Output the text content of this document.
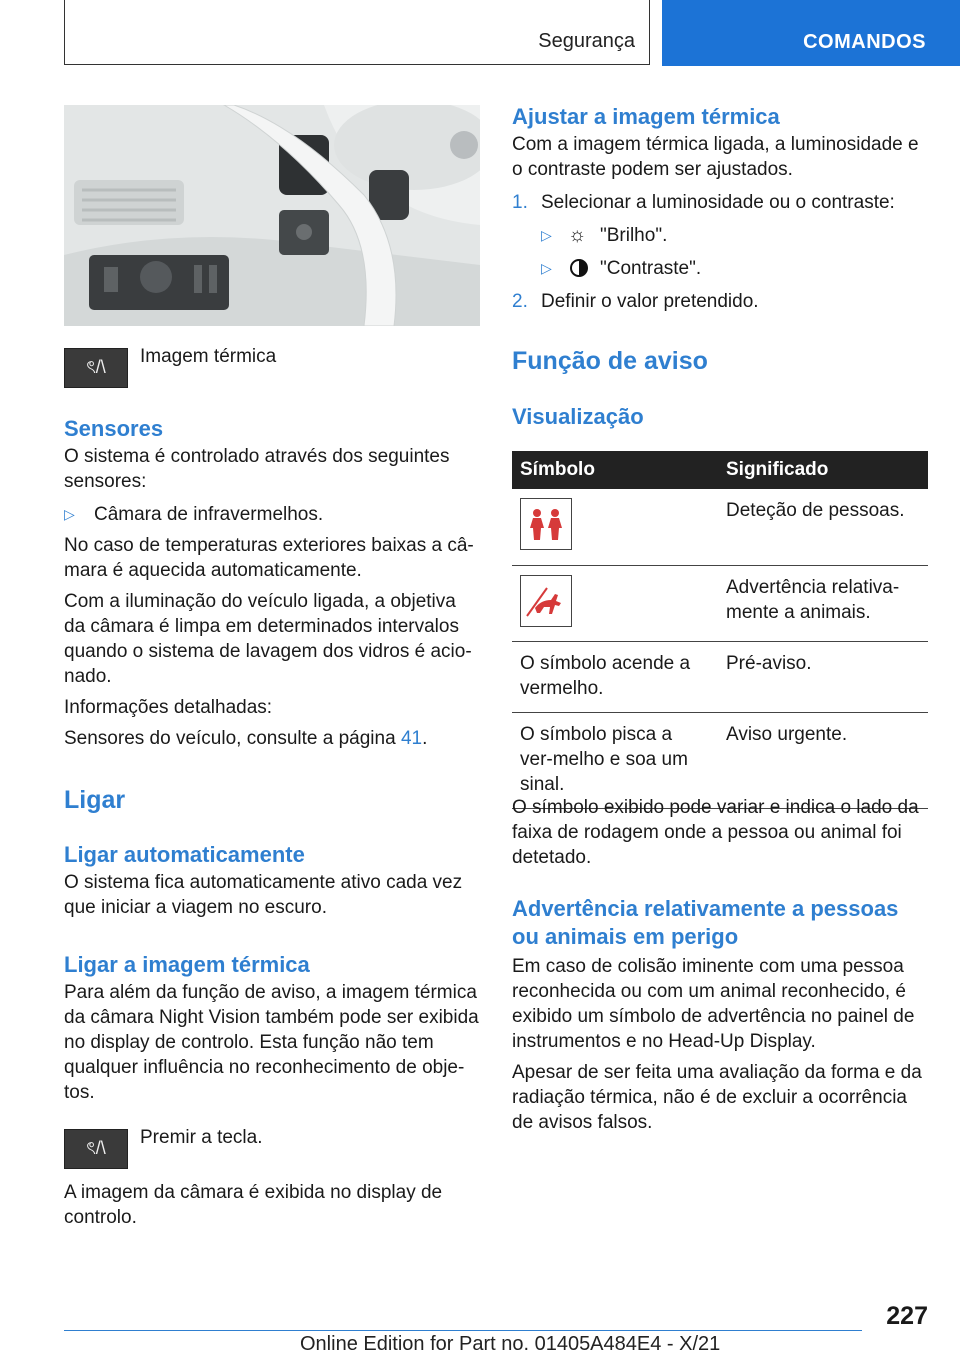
Segurança	COMANDOS
ৎ/\ Imagem térmica

Sensores

O sistema é controlado através dos seguintes sensores:

▷ Câmara de infravermelhos.

No caso de temperaturas exteriores baixas a câ-mara é aquecida automaticamente.

Com a iluminação do veículo ligada, a objetiva da câmara é limpa em determinados intervalos quando o sistema de lavagem dos vidros é acio-nado.

Informações detalhadas:

Sensores do veículo, consulte a página 41.

Ligar

Ligar automaticamente

O sistema fica automaticamente ativo cada vez que iniciar a viagem no escuro.

Ligar a imagem térmica

Para além da função de aviso, a imagem térmica da câmara Night Vision também pode ser exibida no display de controlo. Esta função não tem qualquer influência no reconhecimento de obje-tos.

ৎ/\ Premir a tecla.

A imagem da câmara é exibida no display de controlo.

Ajustar a imagem térmica

Com a imagem térmica ligada, a luminosidade e o contraste podem ser ajustados.

1. Selecionar a luminosidade ou o contraste:

▷ ☼ "Brilho".

▷	"Contraste".

2. Definir o valor pretendido.

Função de aviso

Visualização

Símbolo	Significado

	Deteção de pessoas.

	Advertência relativa-mente a animais.
O símbolo acende a vermelho.	Pré-aviso.
O símbolo pisca a ver-melho e soa um sinal.	Aviso urgente.

O símbolo exibido pode variar e indica o lado da faixa de rodagem onde a pessoa ou animal foi detetado.

Advertência relativamente a pessoas ou animais em perigo

Em caso de colisão iminente com uma pessoa reconhecida ou com um animal reconhecido, é exibido um símbolo de advertência no painel de instrumentos e no Head-Up Display.

Apesar de ser feita uma avaliação da forma e da radiação térmica, não é de excluir a ocorrência de avisos falsos.

227
Online Edition for Part no. 01405A484E4 - X/21
